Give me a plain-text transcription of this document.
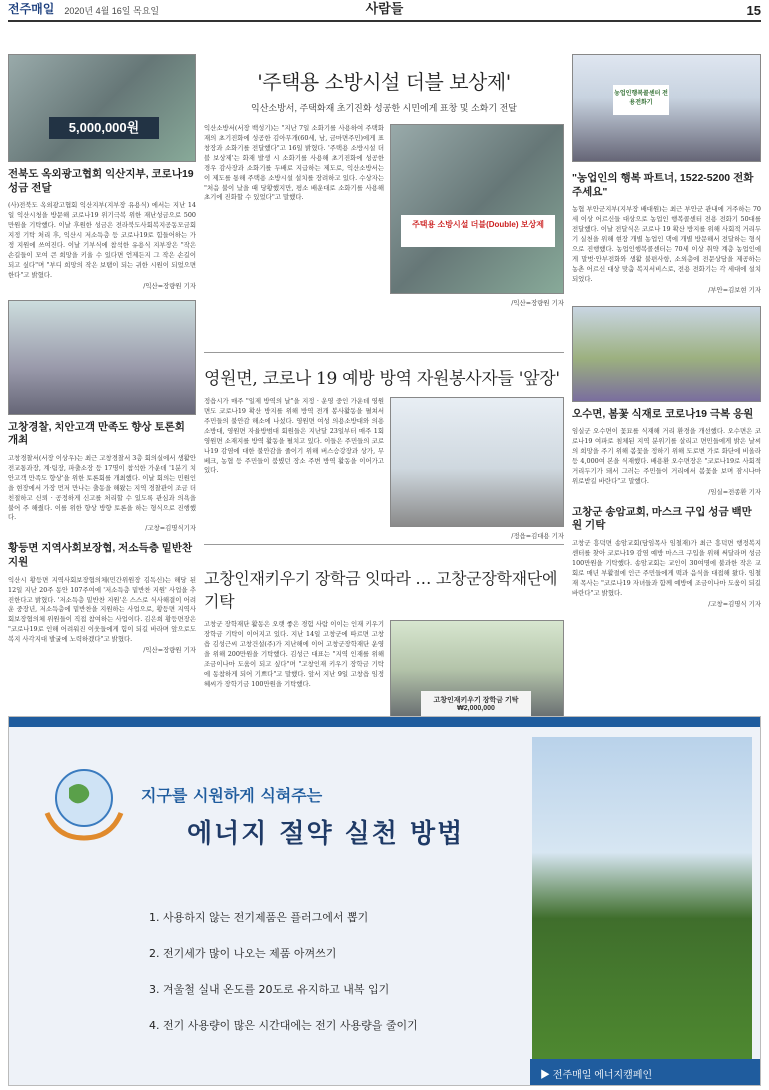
전주매일 2020년 4월 16일 목요일	사람들	15
5,000,000원
전북도 옥외광고협회 익산지부, 코로나19 성금 전달
(사)전북도 옥외광고협회 익산지부(지부장 유용식) 에서는 지난 14일 익산시청을 방문해 코로나19 위기극복 위한 재난성금으로 500만원을 기탁했다. 이날 후원한 성금은 전라북도사회복지공동모금회 지정 기탁 처리 후, 익산시 저소득층 등 코로나19로 힘들어하는 가정 지원에 쓰여진다. 이날 기부식에 참석한 유용식 지부장은 "작은 손길들이 모여 큰 희망을 키울 수 있다면 언제든지 그 작은 손길이 되고 싶다"며 "부디 희망의 작은 보탬이 되는 귀한 시원이 되었으면 한다"고 밝혔다.
/익산=장량원 기자
고창경찰, 치안고객 만족도 향상 토론회 개최
고창경찰서(서장 이상우)는 최근 고창경찰서 3층 회의실에서 생활안전교통과장, 계·팀장, 파출소장 등 17명이 참석한 가운데 '1분기 치안고객 만족도 향상'을 위한 토론회를 개최했다. 이날 회의는 민원인을 현장에서 가장 먼저 만나는 출동을 해왔는 지역 경찰관이 조금 더 친절하고 신뢰 · 공정하게 신고를 처리할 수 있도록 관심과 의욕을 불어 주 해줬다. 이를 위한 향상 방향 토론을 하는 형식으로 진행했다.
/고창=김명식기자
황등면 지역사회보장협, 저소득층 밑반찬 지원
익산시 황등면 지역사회보장협의체(민간위원장 김독신)는 해당 된 12일 지난 20주 동안 107주여에 '저소득층 밑반찬 지원' 사업을 추진한다고 밝혔다. '저소득층 밑반찬 지원'은 스스로 식사해결이 어려운 중장년, 저소득층에 밑반찬을 지원하는 사업으로, 황등면 지역사회보장협의체 위원들이 직접 참여하는 사업이다. 김은희 황등면장은 "코로나19로 인해 어려워진 이웃들에게 힘이 되길 바라며 앞으로도 복지 사각지대 발굴에 노력하겠다"고 밝혔다.
/익산=장량원 기자
'주택용 소방시설 더블 보상제'
익산소방서, 주택화재 초기진화 성공한 시민에게 표창 및 소화기 전달
익산소방서(서장 백성기)는 "지난 7일 소화기를 사용하여 주택화재의 초기진화에 성공한 김아무개(60세, 남, 금마면주민)에게 표창장과 소화기를 전달했다"고 16일 밝혔다. '주택용 소방시설 더블 보상제'는 화재 발생 시 소화기를 사용해 초기진화에 성공한 경우 감사장과 소화기를 두배로 지급하는 제도로, 익산소방서는 이 제도를 통해 주택용 소방시설 설치를 장려하고 있다. 수상자는 "처음 불이 났을 때 당황했지만, 평소 배운대로 소화기를 사용해 초기에 진화할 수 있었다"고 말했다.
주택용 소방시설 더블(Double) 보상제
/익산=장량원 기자
영원면, 코로나 19 예방 방역 자원봉사자들 '앞장'
정읍시가 매주 "일제 방역의 날"을 지정 · 운영 중인 가운데 영원면도 코로나19 확산 방지를 위해 방역 전개 봉사활동을 펼쳐서 주민들의 불안감 해소에 나섰다. 영원면 여성 의용소방대와 의용소방대, 영원면 자율방범대 회원들은 지난달 23일부터 매주 1회 영원면 소재지를 방역 활동을 펼치고 있다. 이들은 주민들의 코로나19 감염에 대한 불안감을 줄이기 위해 버스승강장과 상가, 무베크, 농협 등 주민들이 붐볐던 장소 주변 방역 활동을 이어가고 있다.
/정읍=김대용 기자
고창인재키우기 장학금 잇따라 … 고창군장학재단에 기탁
고창군 장학재단 활동은 오랫 좋은 경험 사람 이이는 인재 키우기 장학금 기탁이 이어지고 있다. 지난 14일 고창군에 따르면 고창읍 김성근씨 고창건설(주)가 지난해에 이어 고창군장학재단 운영을 위해 200만원을 기탁했다. 김성근 대표는 "지역 인재를 위해 조금이나마 도움이 되고 싶다"며 "고창인재 키우기 장학금 기탁에 동참하게 되어 기쁘다"고 말했다. 앞서 지난 9일 고창읍 임정혜씨가 장학기금 100만원을 기탁했다.
고창인재키우기 장학금 기탁 ₩2,000,000
농업인행복콜센터 전용전화기
"농업인의 행복 파트너, 1522-5200 전화주세요"
농협 부안군지부(지부장 배대원)는 최근 부안군 관내에 거주하는 70세 이상 어르신들 대상으로 농업인 행복콜센터 전용 전화기 50대를 전달했다. 이날 전달식은 코로나 19 확산 방지를 위해 사회적 거리두기 실천을 위해 현장 개별 농업인 댁에 개별 방문해서 전달하는 형식으로 진행했다. 농업인행복콜센터는 70세 이상 취약 계층 농업인에게 말벗·안부전화와 생활 불편사항, 소외층에 전문상담을 제공하는 농촌 어르신 대상 맞춤 복지서비스로, 전용 전화기는 각 세대에 설치되었다.
/부안=김보현 기자
오수면, 봄꽃 식재로 코로나19 극복 응원
임실군 오수면이 꽃묘를 식재해 거리 환경을 개선했다. 오수면은 코로나19 여파로 침체된 지역 분위기를 살리고 면민들에게 밝은 날씨의 희망을 주기 위해 봄꽃을 정하기 위해 도로변 가로 화단에 비올라 등 4,000여 본을 식재했다. 배용환 오수면장은 "코로나19로 사회적 거리두기가 돼서 그러는 주민들이 거리에서 봄꽃을 보며 잠시나마 위로받길 바란다"고 말했다.
/임실=전종환 기자
고창군 송암교회, 마스크 구입 성금 백만원 기탁
고창군 흥덕면 송암교회(담임목사 임철재)가 최근 흥덕면 행정복지센터를 찾아 코로나19 감염 예방 마스크 구입을 위해 써달라며 성금 100만원을 기탁했다. 송암교회는 교인이 30여명에 불과한 작은 교회로 매년 부활절에 인근 주민들에게 떡과 음식을 대접해 왔다. 임철재 목사는 "코로나19 자녀들과 함께 예방에 조금이나마 도움이 되길 바란다"고 밝혔다.
/고창=김명식 기자
지구를 시원하게 식혀주는
에너지 절약 실천 방법
1. 사용하지 않는 전기제품은 플러그에서 뽑기
2. 전기세가 많이 나오는 제품 아껴쓰기
3. 겨울철 실내 온도를 20도로 유지하고 내복 입기
4. 전기 사용량이 많은 시간대에는 전기 사용량을 줄이기
▶ 전주매일 에너지캠페인
